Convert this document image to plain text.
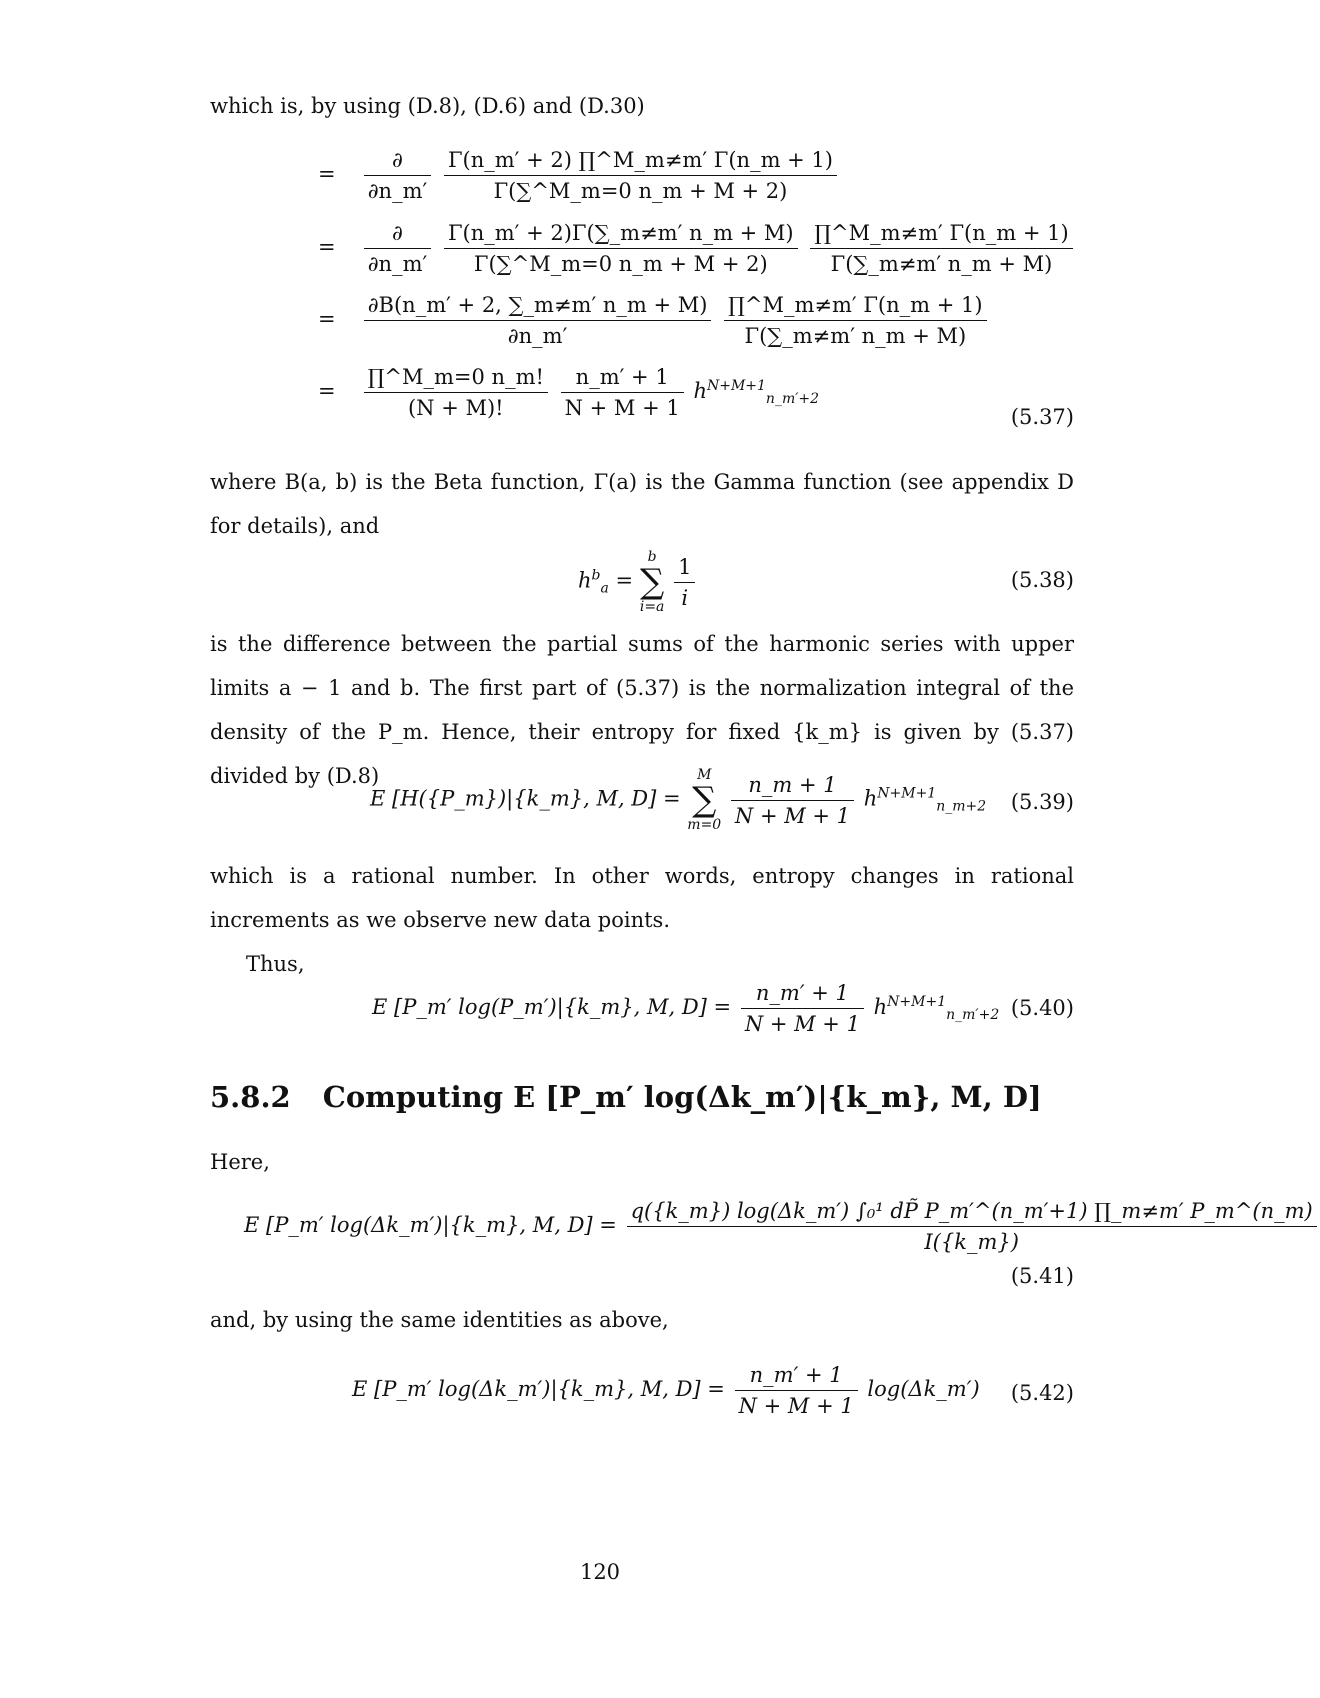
which is, by using (D.8), (D.6) and (D.30)
= $\frac{\partial}{\partial n\_m'}$
$\frac{\Gamma(n\_m' + 2) \prod\^{}M\_m\ne m' \Gamma(n\_m + 1)}{\Gamma(\sum\^{}M\_m=0 n\_m + M + 2)}$
= $\frac{\partial}{\partial n\_m'}$
$\frac{\Gamma(n\_m' + 2)\Gamma(\sum\_m\ne m' n\_m + M)}{\Gamma(\sum\^{}M\_m=0 n\_m + M + 2)}$
$\frac{\prod\^{}M\_m\ne m' \Gamma(n\_m + 1)}{\Gamma(\sum\_m\ne m' n\_m + M)}$
= $\frac{\partial B(n\_m' + 2, \sum\_m\ne m' n\_m + M)}{\partial n\_m'}$
$\frac{\prod\^{}M\_m\ne m' \Gamma(n\_m + 1)}{\Gamma(\sum\_m\ne m' n\_m + M)}$
= $\frac{\prod\^{}M\_m=0 n\_m!}{(N + M)!}$
$\frac{n\_m' + 1}{N + M + 1} h^{N+M+1}_{n\_m'+2}$
(5.37)
where B(a, b) is the Beta function, Γ(a) is the Gamma function (see appendix D for details), and
$h^b_a$ =
b
∑
i=a
$\frac{1}{i}$	(5.38)
is the difference between the partial sums of the harmonic series with upper limits a − 1 and b. The first part of (5.37) is the normalization integral of the density of the P_m. Hence, their entropy for fixed {k_m} is given by (5.37) divided by (D.8)
E [H({P_m})|{k_m}, M, D] =
M
∑
m=0
$\frac{n\_m + 1}{N + M + 1} h^{N+M+1}_{n\_m+2}$ (5.39)
which is a rational number. In other words, entropy changes in rational increments as we observe new data points.
Thus,
E [P_m′ log(P_m′)|{k_m}, M, $D] = \frac{n\_m' + 1}{N + M + 1} h^{N+M+1}_{n\_m'+2}$ (5.40)
5.8.2 Computing E [P_m′ log(Δk_m′)|{k_m}, M, D]
Here,
E [P_m′ log(Δk_m′)|{k_m}, M, $D] = \frac{\text{q(\{k\_m\}) log(Δk\_m′) ∫₀¹ dP̃ P\_m′\textasciicircum{}(n\_m′+1) ∏\_m≠m′ P\_m\textasciicircum{}(n\_m)}}{I(\{k\_m\})}$
(5.41)
and, by using the same identities as above,
E [P_m′ log(Δk_m′)|{k_m}, M, $D] = \frac{n\_m' + 1}{N + M + 1}$ log(Δk_m′) (5.42)
120
